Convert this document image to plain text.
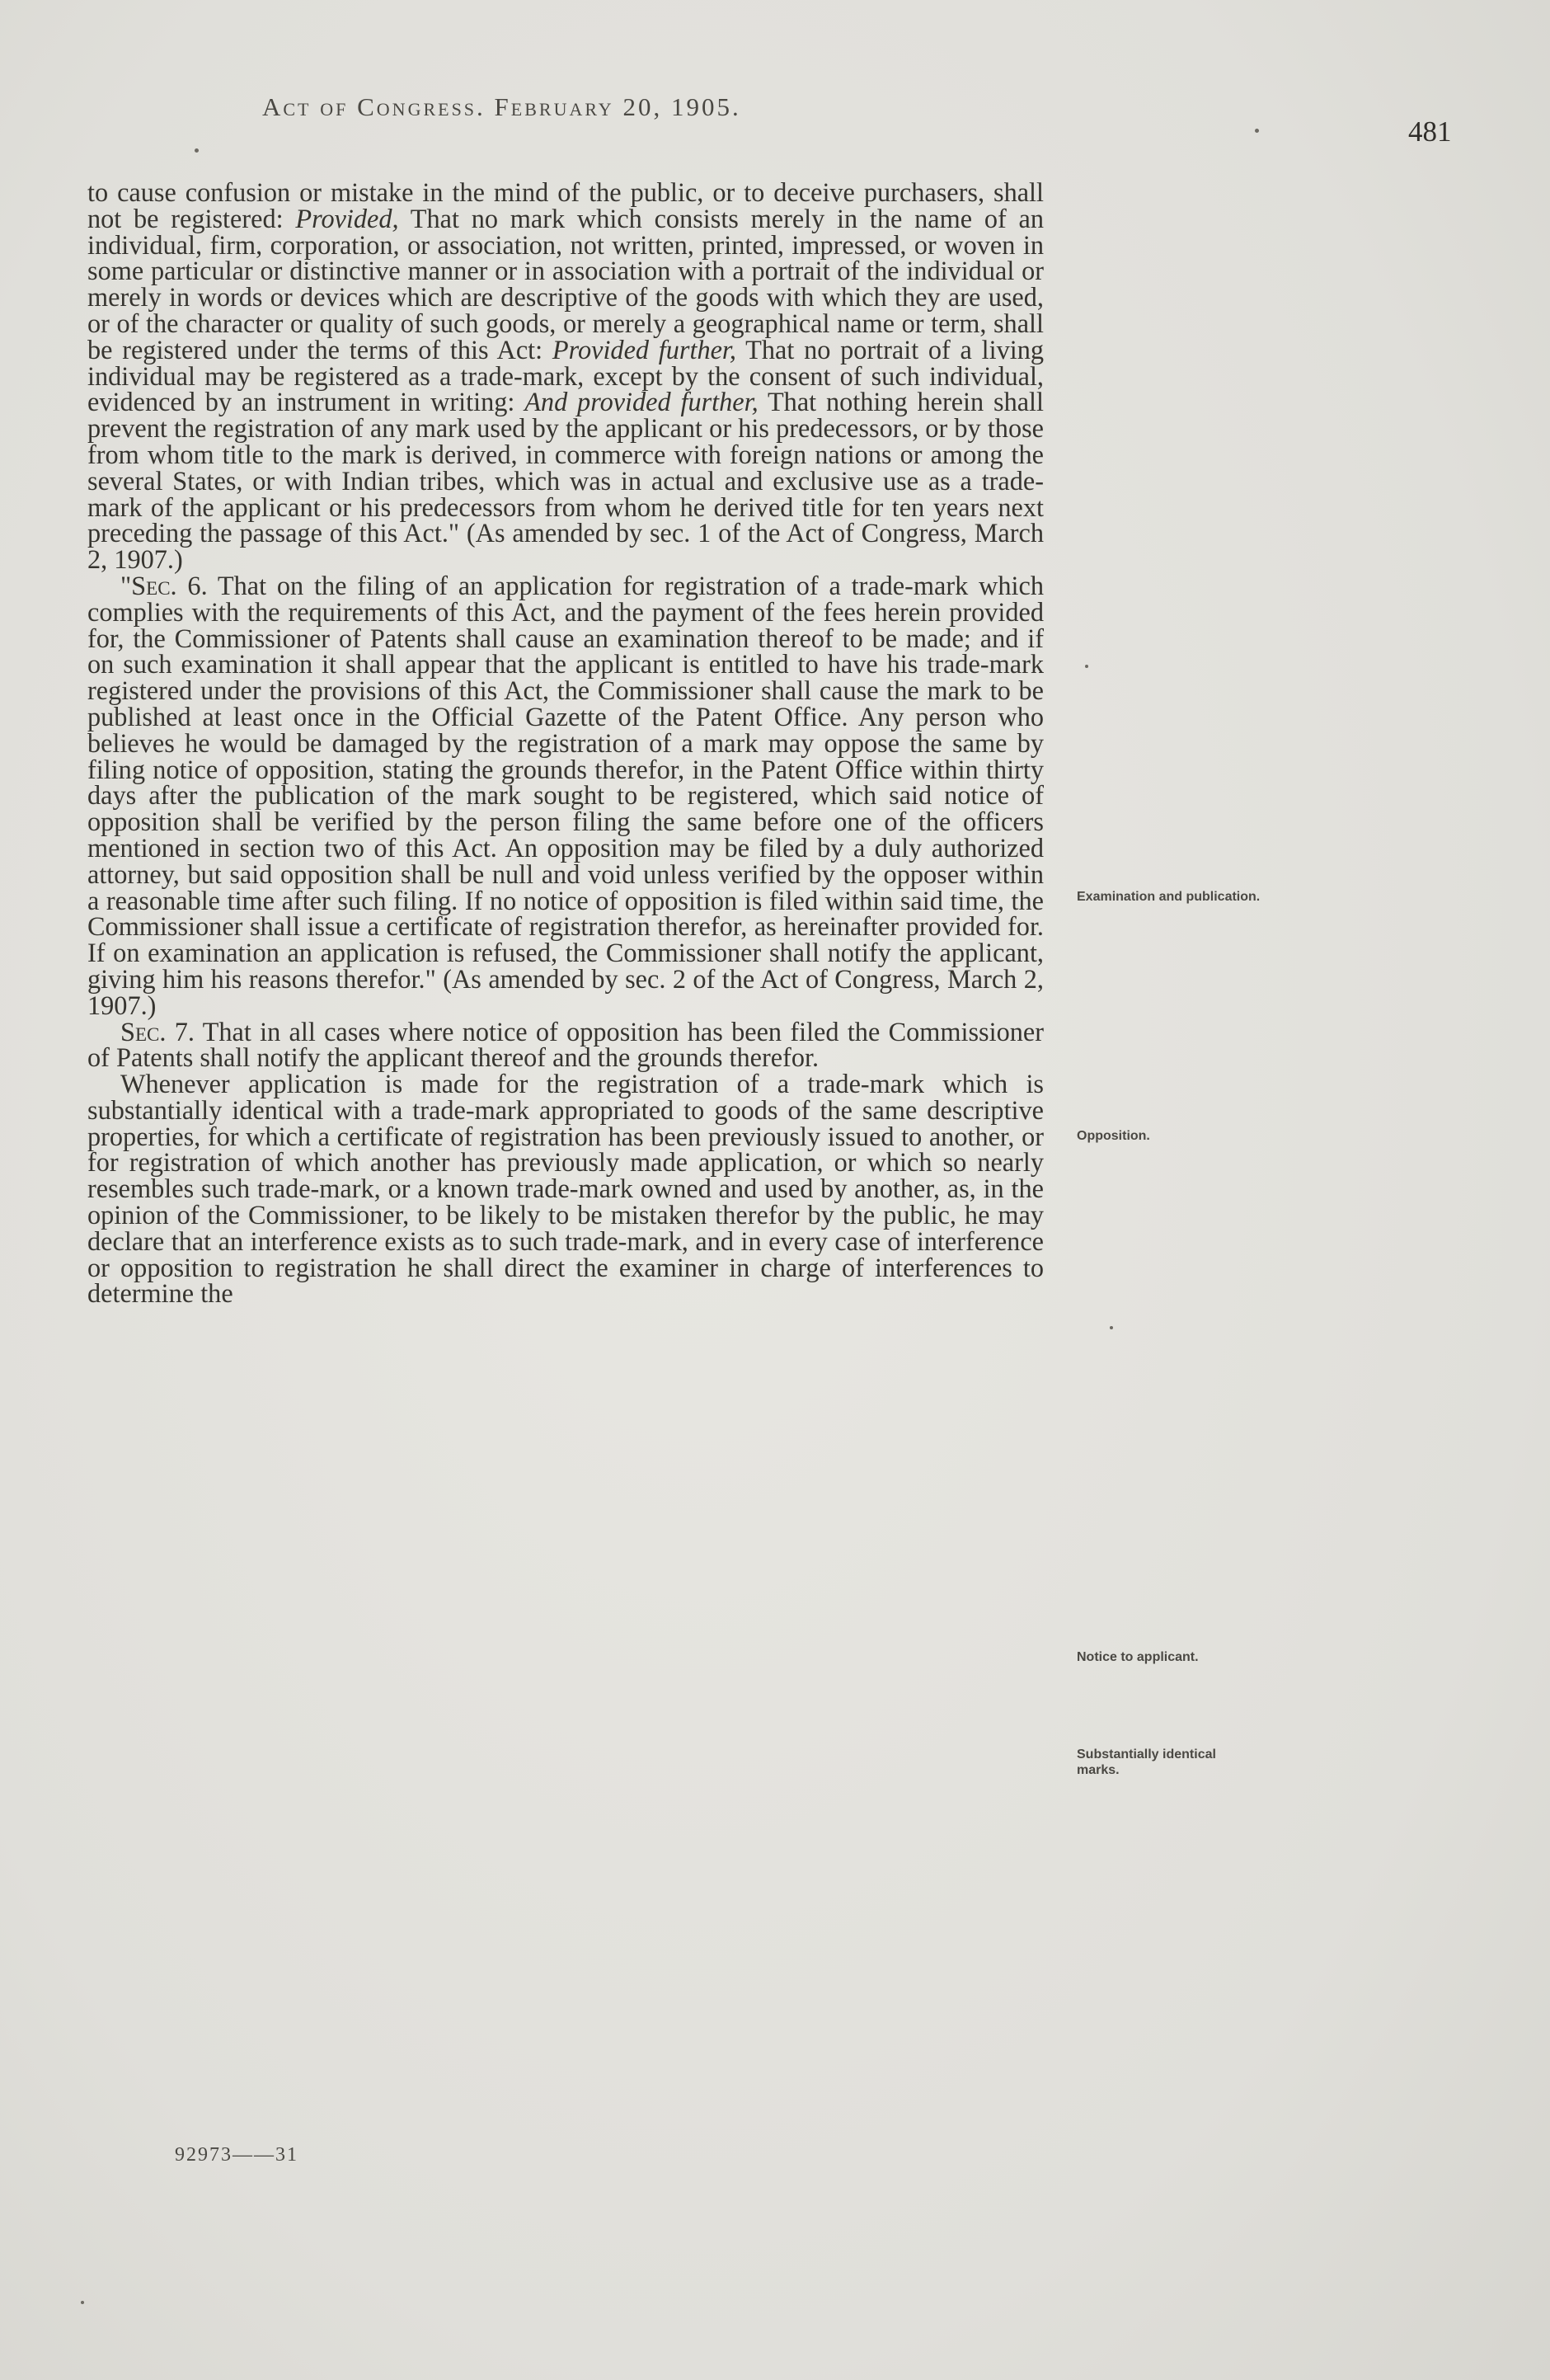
Act of Congress. February 20, 1905.
481

to cause confusion or mistake in the mind of the public, or to deceive purchasers, shall not be registered: Provided, That no mark which consists merely in the name of an individual, firm, corporation, or association, not written, printed, impressed, or woven in some particular or distinctive manner or in association with a portrait of the individual or merely in words or devices which are descriptive of the goods with which they are used, or of the character or quality of such goods, or merely a geographical name or term, shall be registered under the terms of this Act: Provided further, That no portrait of a living individual may be registered as a trade-mark, except by the consent of such individual, evidenced by an instrument in writing: And provided further, That nothing herein shall prevent the registration of any mark used by the applicant or his predecessors, or by those from whom title to the mark is derived, in commerce with foreign nations or among the several States, or with Indian tribes, which was in actual and exclusive use as a trade-mark of the applicant or his predecessors from whom he derived title for ten years next preceding the passage of this Act." (As amended by sec. 1 of the Act of Congress, March 2, 1907.)

"Sec. 6. That on the filing of an application for registration of a trade-mark which complies with the requirements of this Act, and the payment of the fees herein provided for, the Commissioner of Patents shall cause an examination thereof to be made; and if on such examination it shall appear that the applicant is entitled to have his trade-mark registered under the provisions of this Act, the Commissioner shall cause the mark to be published at least once in the Official Gazette of the Patent Office. Any person who believes he would be damaged by the registration of a mark may oppose the same by filing notice of opposition, stating the grounds therefor, in the Patent Office within thirty days after the publication of the mark sought to be registered, which said notice of opposition shall be verified by the person filing the same before one of the officers mentioned in section two of this Act. An opposition may be filed by a duly authorized attorney, but said opposition shall be null and void unless verified by the opposer within a reasonable time after such filing. If no notice of opposition is filed within said time, the Commissioner shall issue a certificate of registration therefor, as hereinafter provided for. If on examination an application is refused, the Commissioner shall notify the applicant, giving him his reasons therefor." (As amended by sec. 2 of the Act of Congress, March 2, 1907.)

Sec. 7. That in all cases where notice of opposition has been filed the Commissioner of Patents shall notify the applicant thereof and the grounds therefor.

Whenever application is made for the registration of a trade-mark which is substantially identical with a trade-mark appropriated to goods of the same descriptive properties, for which a certificate of registration has been previously issued to another, or for registration of which another has previously made application, or which so nearly resembles such trade-mark, or a known trade-mark owned and used by another, as, in the opinion of the Commissioner, to be likely to be mistaken therefor by the public, he may declare that an interference exists as to such trade-mark, and in every case of interference or opposition to registration he shall direct the examiner in charge of interferences to determine the

Examination and publication.
Opposition.
Notice to applicant.
Substantially identical marks.
92973——31
